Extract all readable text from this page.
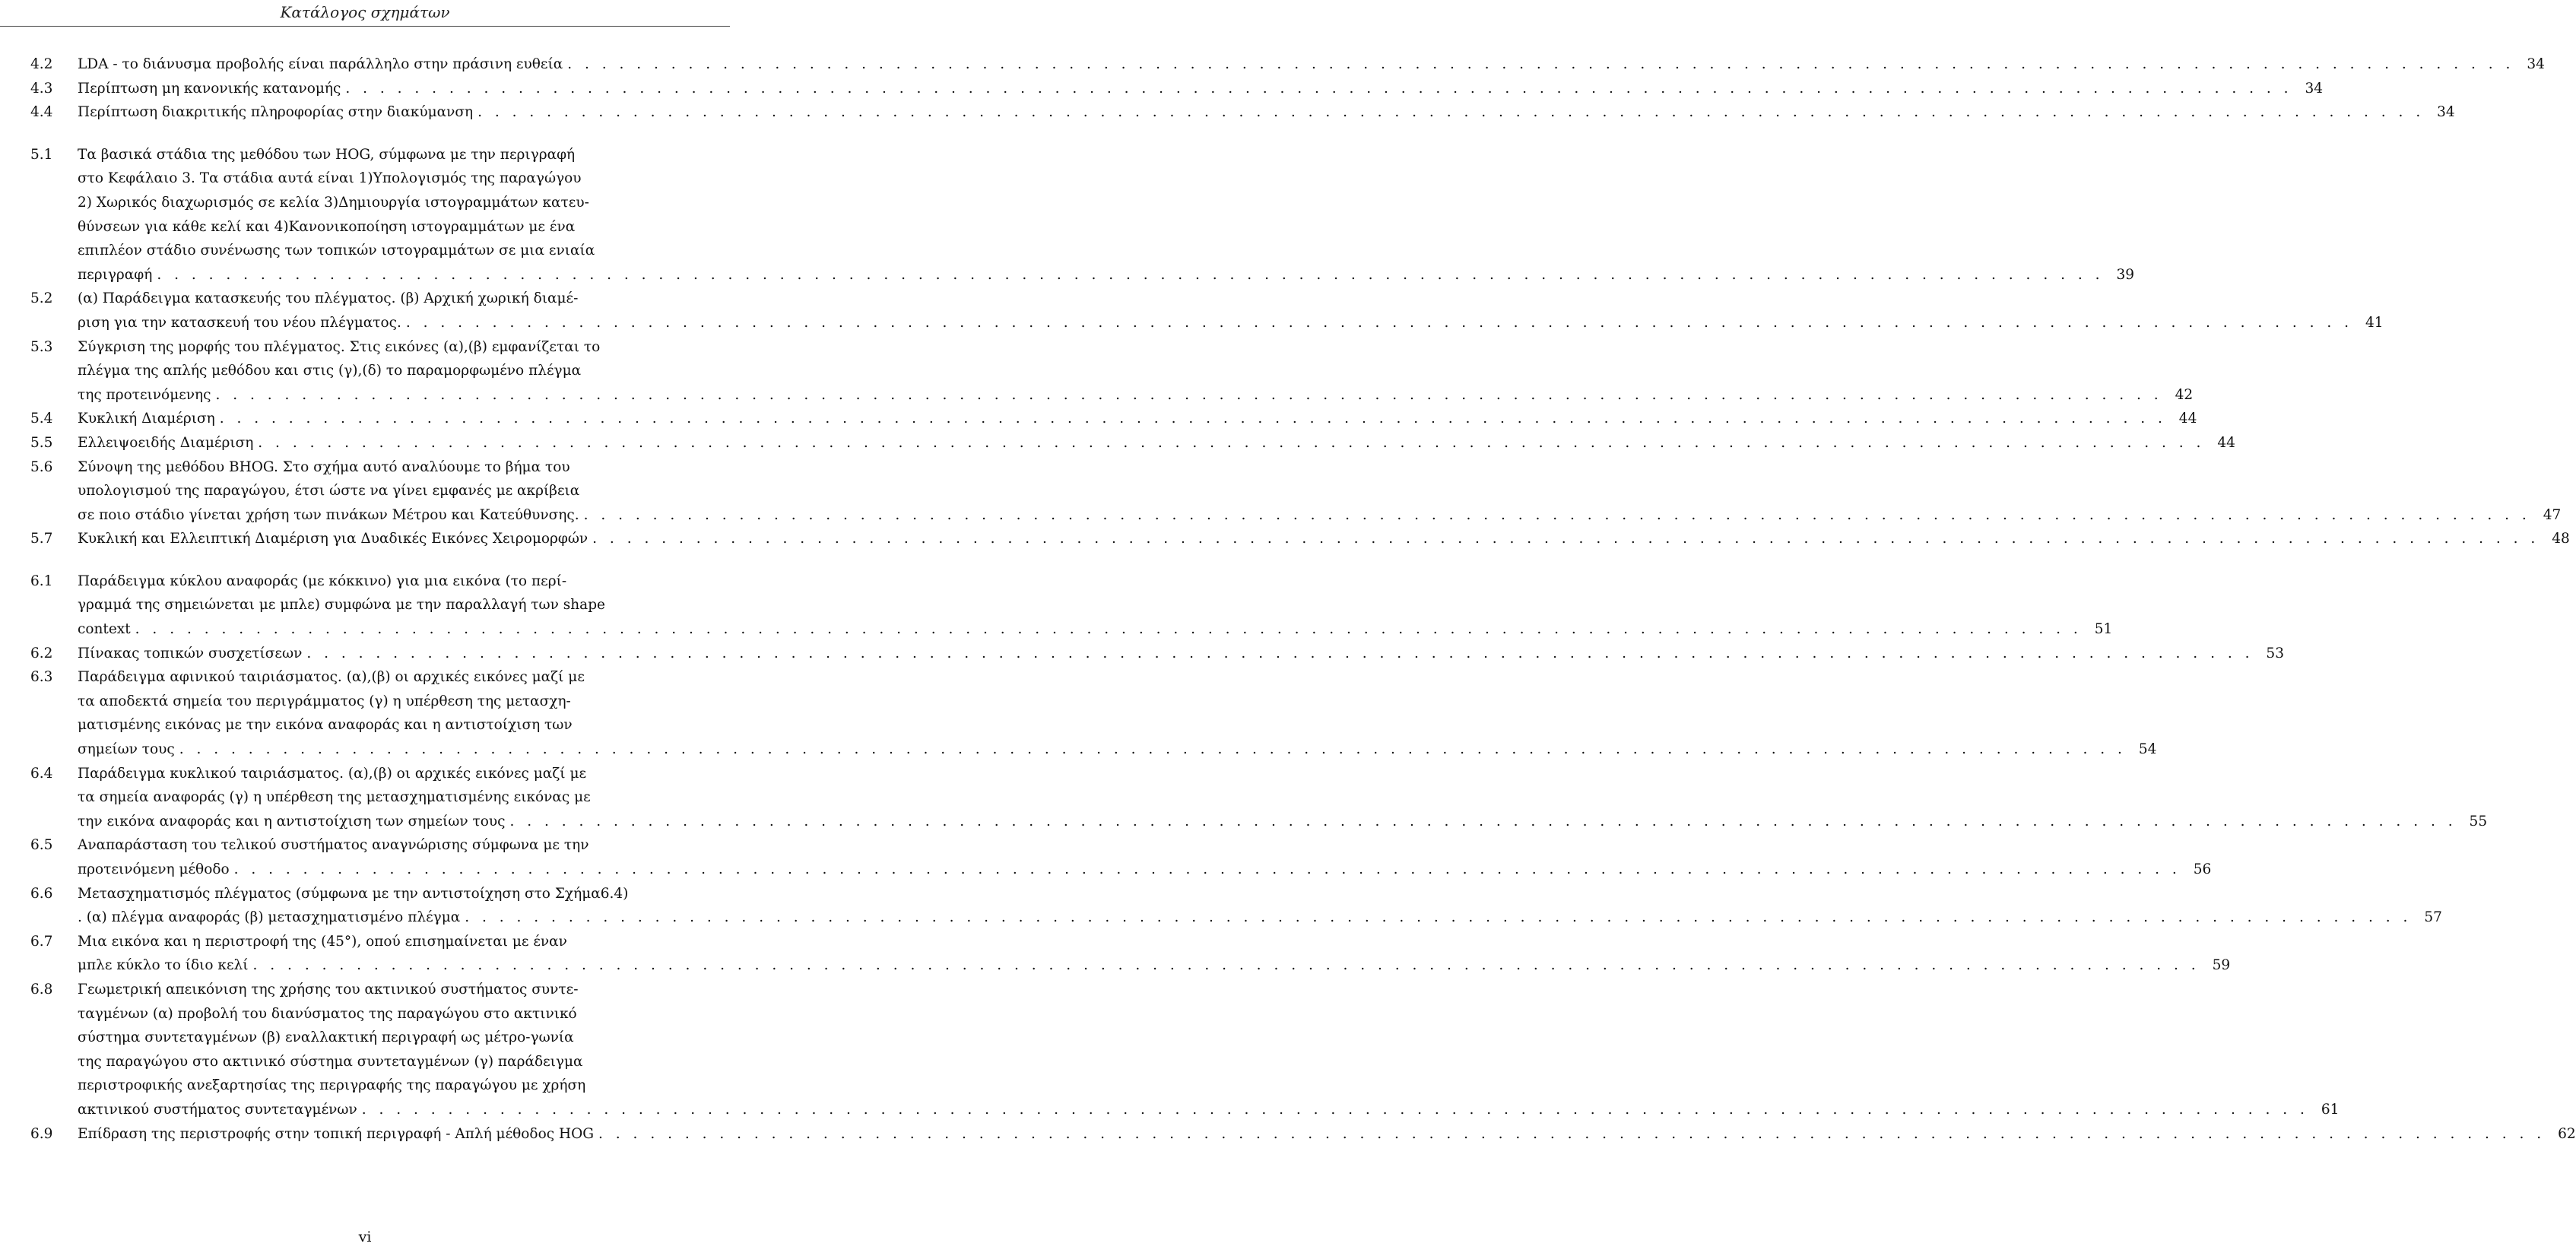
Κατάλογος σχημάτων
4.2	LDA - το διάνυσμα προβολής είναι παράλληλο στην πράσινη ευθεία . . .	34
4.3	Περίπτωση μη κανονικής κατανομής . . .	34
4.4	Περίπτωση διακριτικής πληροφορίας στην διακύμανση . . .	34
5.1	Τα βασικά στάδια της μεθόδου των HOG, σύμφωνα με την περιγραφή
στο Κεφάλαιο 3. Τα στάδια αυτά είναι 1)Υπολογισμός της παραγώγου
2) Χωρικός διαχωρισμός σε κελία 3)Δημιουργία ιστογραμμάτων κατευ-
θύνσεων για κάθε κελί και 4)Κανονικοποίηση ιστογραμμάτων με ένα
επιπλέον στάδιο συνένωσης των τοπικών ιστογραμμάτων σε μια ενιαία
περιγραφή . . .	39
5.2	(α) Παράδειγμα κατασκευής του πλέγματος. (β) Αρχική χωρική διαμέ-
ριση για την κατασκευή του νέου πλέγματος. . . .	41
5.3	Σύγκριση της μορφής του πλέγματος. Στις εικόνες (α),(β) εμφανίζεται το
πλέγμα της απλής μεθόδου και στις (γ),(δ) το παραμορφωμένο πλέγμα
της προτεινόμενης . . .	42
5.4	Κυκλική Διαμέριση . . .	44
5.5	Ελλειψοειδής Διαμέριση . . .	44
5.6	Σύνοψη της μεθόδου BHOG. Στο σχήμα αυτό αναλύουμε το βήμα του
υπολογισμού της παραγώγου, έτσι ώστε να γίνει εμφανές με ακρίβεια
σε ποιο στάδιο γίνεται χρήση των πινάκων Μέτρου και Κατεύθυνσης. . . .	47
5.7	Κυκλική και Ελλειπτική Διαμέριση για Δυαδικές Εικόνες Χειρομορφών . . .	48
6.1	Παράδειγμα κύκλου αναφοράς (με κόκκινο) για μια εικόνα (το περί-
γραμμά της σημειώνεται με μπλε) συμφώνα με την παραλλαγή των shape
context . . .	51
6.2	Πίνακας τοπικών συσχετίσεων . . .	53
6.3	Παράδειγμα αφινικού ταιριάσματος. (α),(β) οι αρχικές εικόνες μαζί με
τα αποδεκτά σημεία του περιγράμματος (γ) η υπέρθεση της μετασχη-
ματισμένης εικόνας με την εικόνα αναφοράς και η αντιστοίχιση των
σημείων τους . . .	54
6.4	Παράδειγμα κυκλικού ταιριάσματος. (α),(β) οι αρχικές εικόνες μαζί με
τα σημεία αναφοράς (γ) η υπέρθεση της μετασχηματισμένης εικόνας με
την εικόνα αναφοράς και η αντιστοίχιση των σημείων τους . . .	55
6.5	Αναπαράσταση του τελικού συστήματος αναγνώρισης σύμφωνα με την
προτεινόμενη μέθοδο . . .	56
6.6	Μετασχηματισμός πλέγματος (σύμφωνα με την αντιστοίχηση στο Σχήμα6.4)
. (α) πλέγμα αναφοράς (β) μετασχηματισμένο πλέγμα . . .	57
6.7	Μια εικόνα και η περιστροφή της (45°), οπού επισημαίνεται με έναν
μπλε κύκλο το ίδιο κελί . . .	59
6.8	Γεωμετρική απεικόνιση της χρήσης του ακτινικού συστήματος συντε-
ταγμένων (α) προβολή του διανύσματος της παραγώγου στο ακτινικό
σύστημα συντεταγμένων (β) εναλλακτική περιγραφή ως μέτρο-γωνία
της παραγώγου στο ακτινικό σύστημα συντεταγμένων (γ) παράδειγμα
περιστροφικής ανεξαρτησίας της περιγραφής της παραγώγου με χρήση
ακτινικού συστήματος συντεταγμένων . . .	61
6.9	Επίδραση της περιστροφής στην τοπική περιγραφή - Απλή μέθοδος HOG . . .	62
vi
